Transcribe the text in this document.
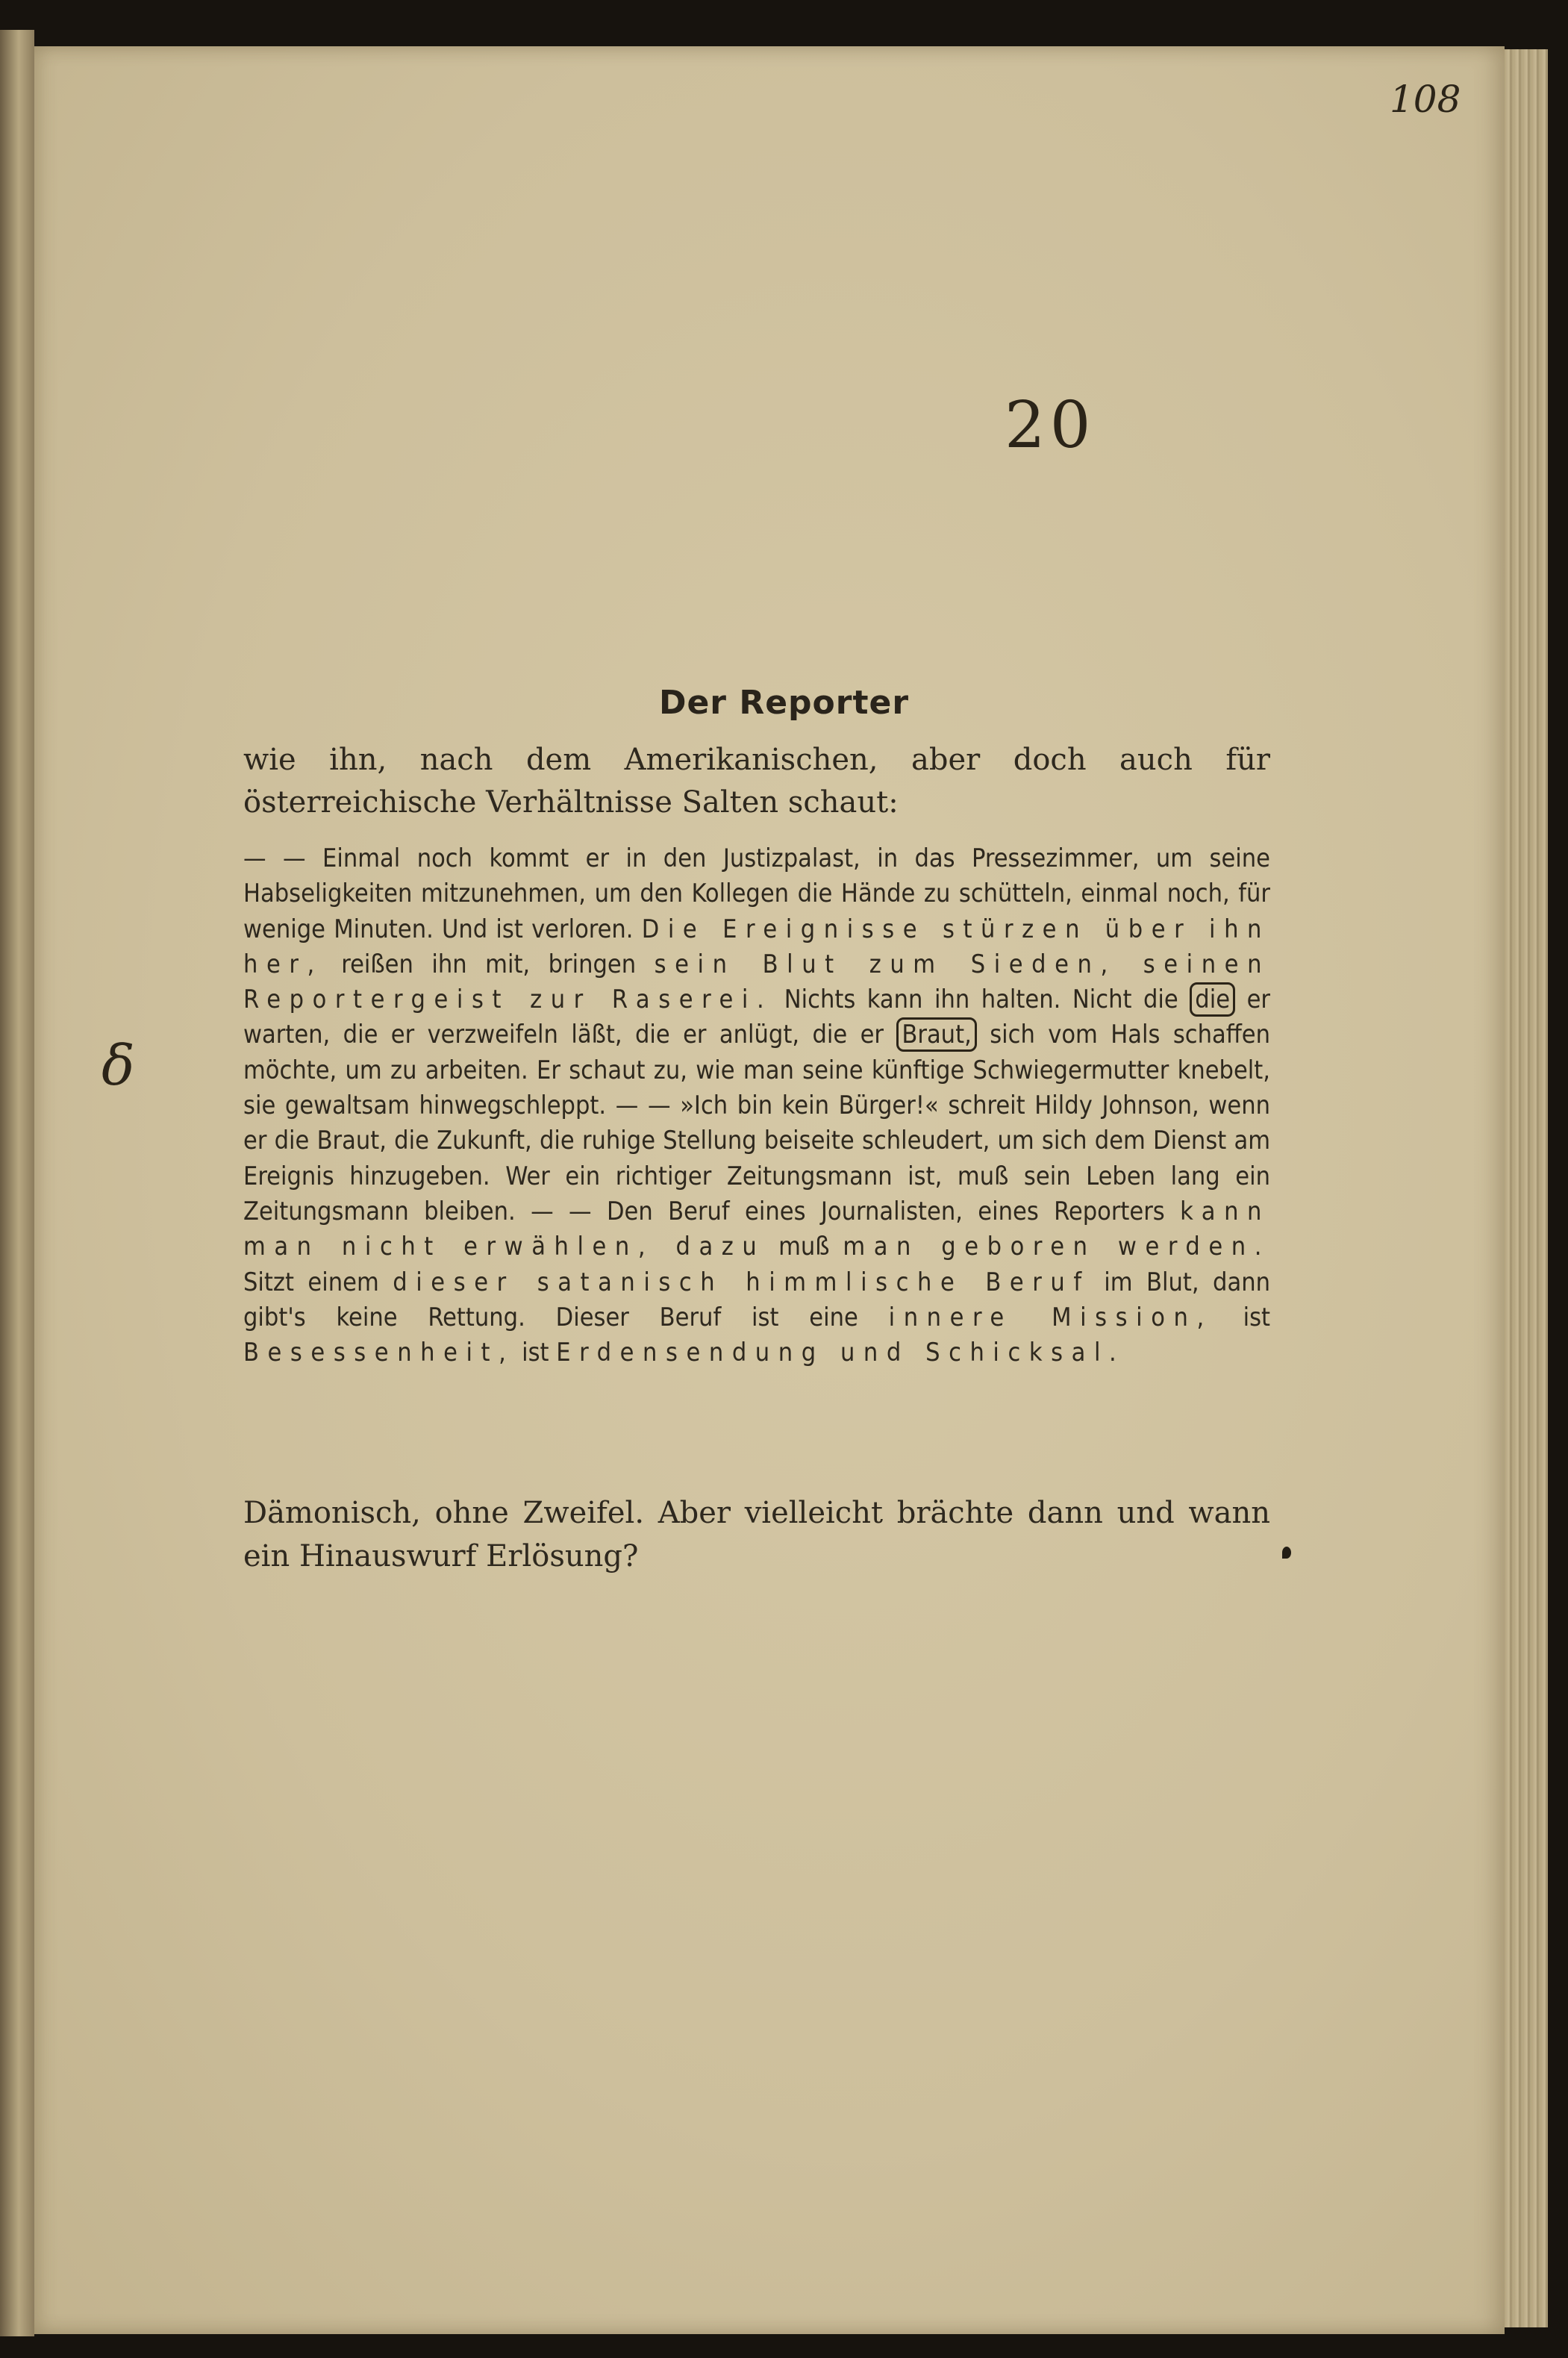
108
20
δ
Der Reporter

wie ihn, nach dem Amerikanischen, aber doch auch für österreichische Verhältnisse Salten schaut:

— — Einmal noch kommt er in den Justizpalast, in das Pressezimmer, um seine Habseligkeiten mitzunehmen, um den Kollegen die Hände zu schütteln, einmal noch, für wenige Minuten. Und ist verloren. Die Ereignisse stürzen über ihn her, reißen ihn mit, bringen sein Blut zum Sieden, seinen Reportergeist zur Raserei. Nichts kann ihn halten. Nicht die die er warten, die er verzweifeln läßt, die er anlügt, die er Braut, sich vom Hals schaffen möchte, um zu arbeiten. Er schaut zu, wie man seine künftige Schwiegermutter knebelt, sie gewaltsam hinwegschleppt. — — »Ich bin kein Bürger!« schreit Hildy Johnson, wenn er die Braut, die Zukunft, die ruhige Stellung beiseite schleudert, um sich dem Dienst am Ereignis hinzugeben. Wer ein richtiger Zeitungsmann ist, muß sein Leben lang ein Zeitungsmann bleiben. — — Den Beruf eines Journalisten, eines Reporters kann man nicht erwählen, dazu muß man geboren werden. Sitzt einem dieser satanisch himmlische Beruf im Blut, dann gibt's keine Rettung. Dieser Beruf ist eine innere Mission, ist Besessenheit, ist Erdensendung und Schicksal.

Dämonisch, ohne Zweifel. Aber vielleicht brächte dann und wann ein Hinauswurf Erlösung?
